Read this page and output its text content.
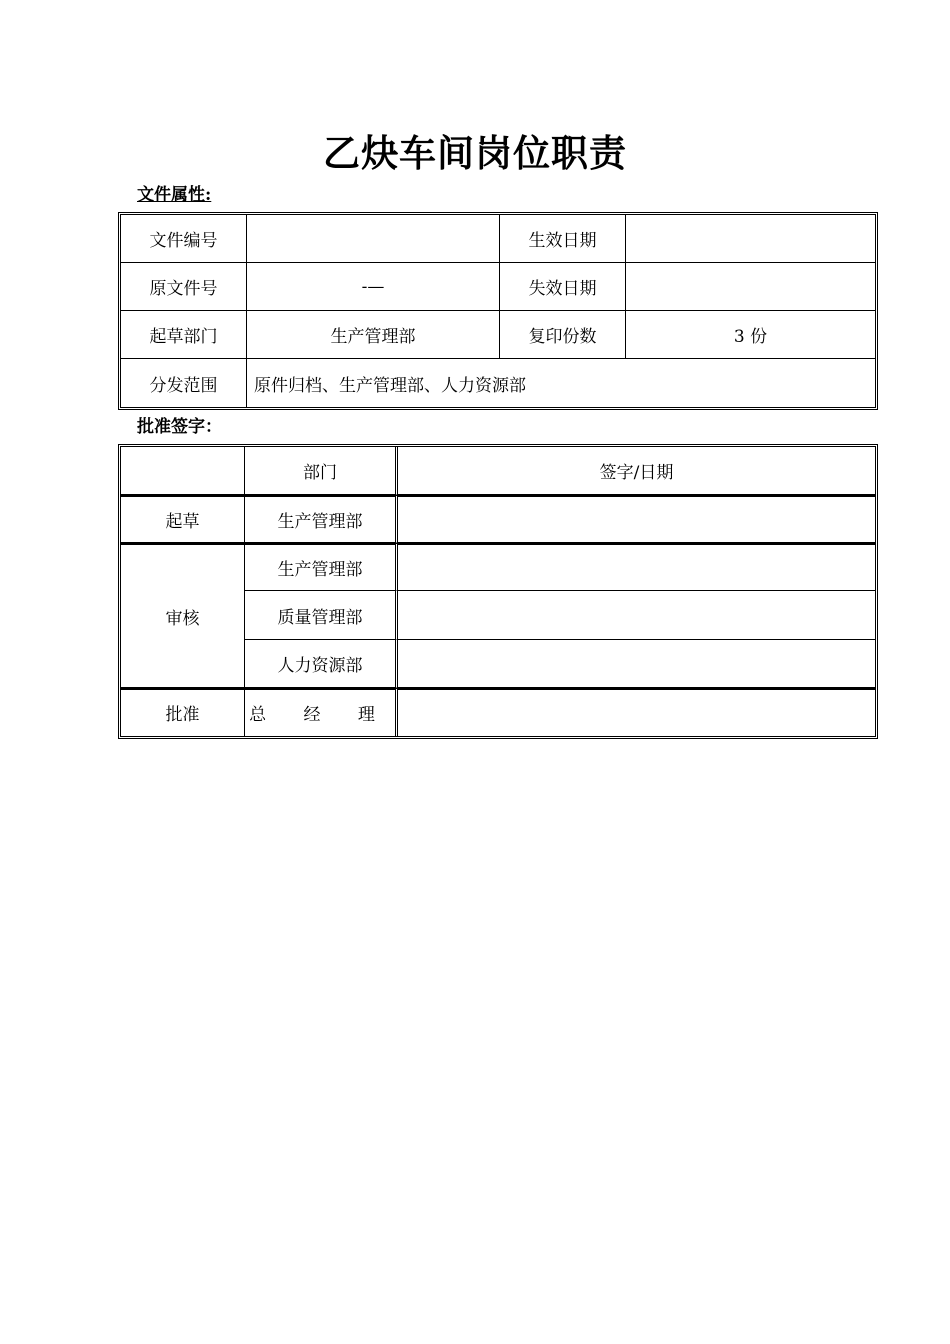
乙炔车间岗位职责
文件属性:
文件编号		生效日期	
原文件号	-—	失效日期	
起草部门	生产管理部	复印份数	3 份
分发范围	原件归档、生产管理部、人力资源部		
批准签字：
	部门	签字/日期
起草	生产管理部	
审核	生产管理部	
	质量管理部	
	人力资源部	
批准	总 经 理	
